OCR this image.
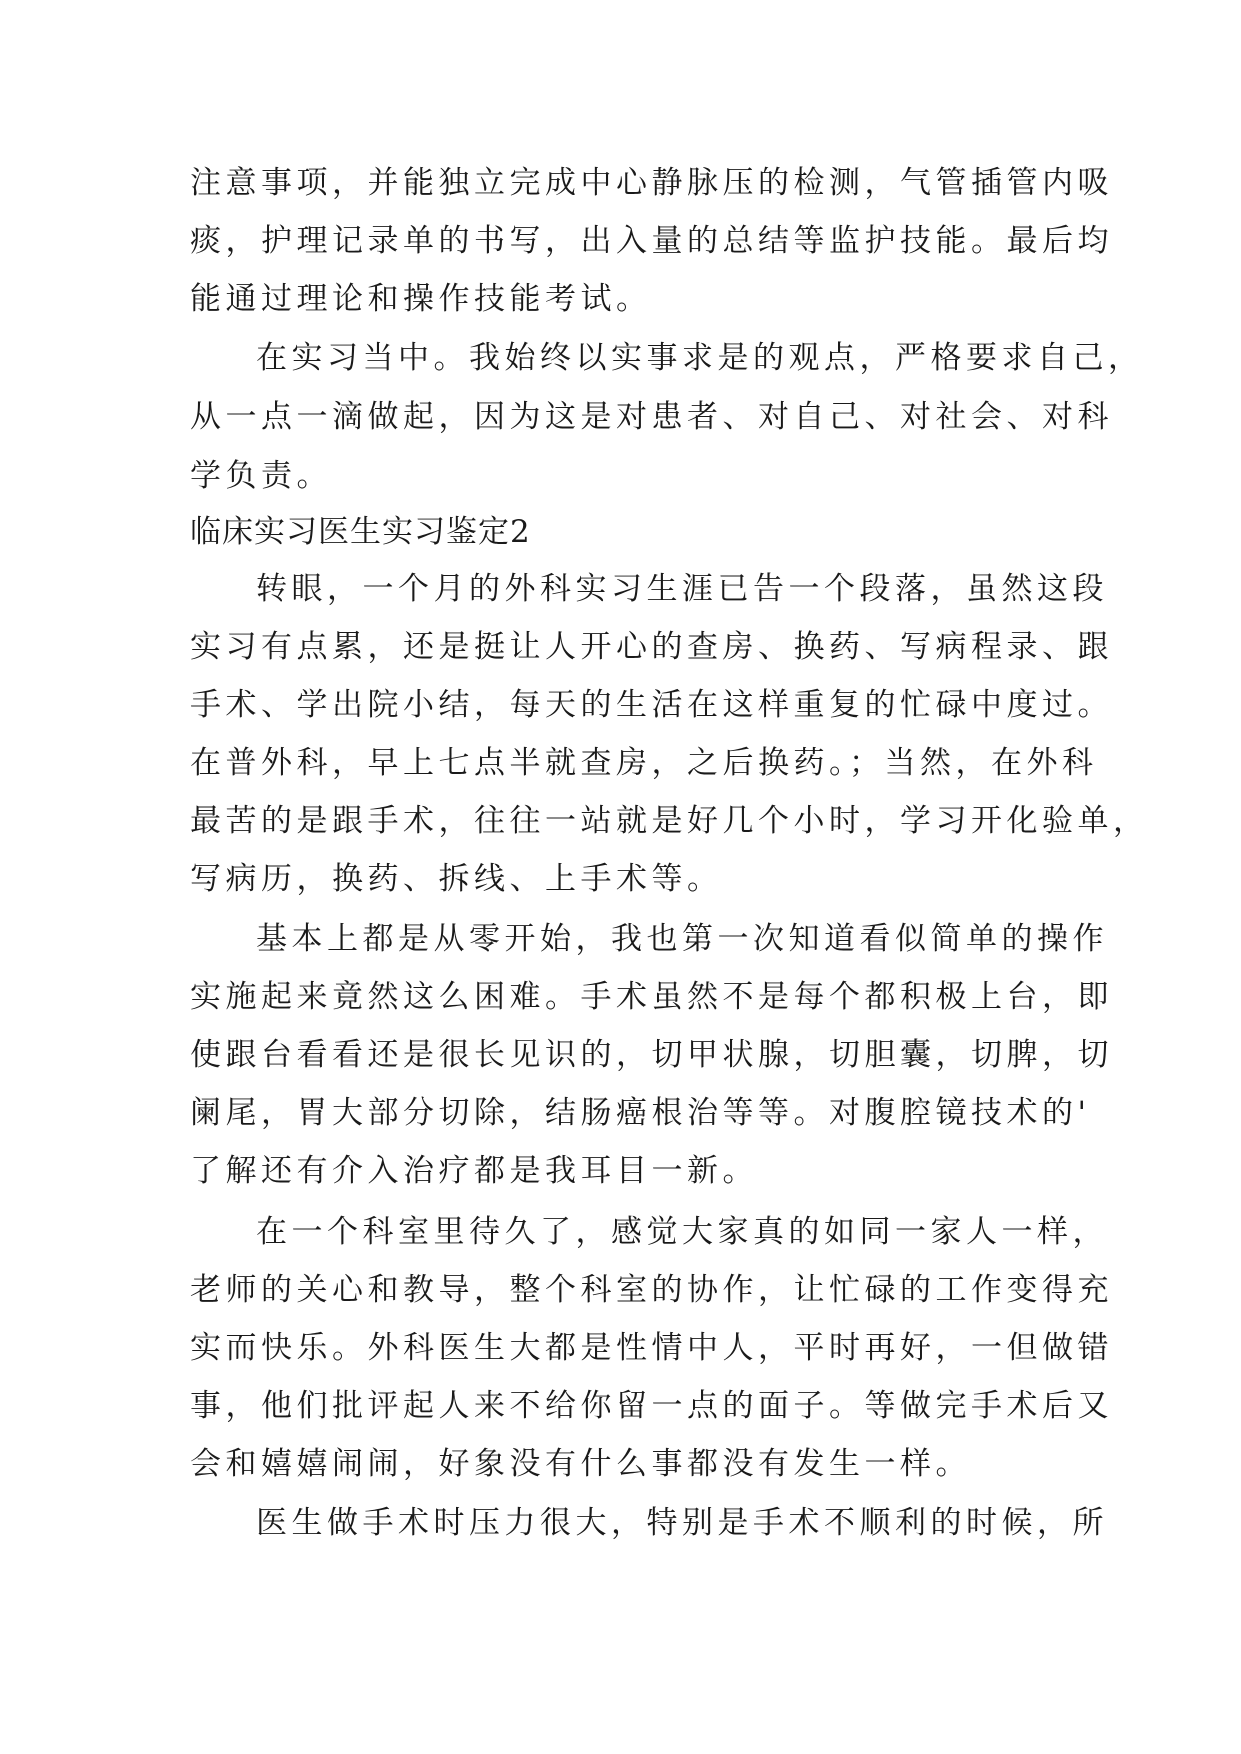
注意事项，并能独立完成中心静脉压的检测，气管插管内吸
痰，护理记录单的书写，出入量的总结等监护技能。最后均
能通过理论和操作技能考试。
在实习当中。我始终以实事求是的观点，严格要求自己，
从一点一滴做起，因为这是对患者、对自己、对社会、对科
学负责。
临床实习医生实习鉴定2
转眼，一个月的外科实习生涯已告一个段落，虽然这段
实习有点累，还是挺让人开心的查房、换药、写病程录、跟
手术、学出院小结，每天的生活在这样重复的忙碌中度过。
在普外科，早上七点半就查房，之后换药。；当然，在外科
最苦的是跟手术，往往一站就是好几个小时，学习开化验单，
写病历，换药、拆线、上手术等。
基本上都是从零开始，我也第一次知道看似简单的操作
实施起来竟然这么困难。手术虽然不是每个都积极上台，即
使跟台看看还是很长见识的，切甲状腺，切胆囊，切脾，切
阑尾，胃大部分切除，结肠癌根治等等。对腹腔镜技术的'
了解还有介入治疗都是我耳目一新。
在一个科室里待久了，感觉大家真的如同一家人一样，
老师的关心和教导，整个科室的协作，让忙碌的工作变得充
实而快乐。外科医生大都是性情中人，平时再好，一但做错
事，他们批评起人来不给你留一点的面子。等做完手术后又
会和嬉嬉闹闹，好象没有什么事都没有发生一样。
医生做手术时压力很大，特别是手术不顺利的时候，所
